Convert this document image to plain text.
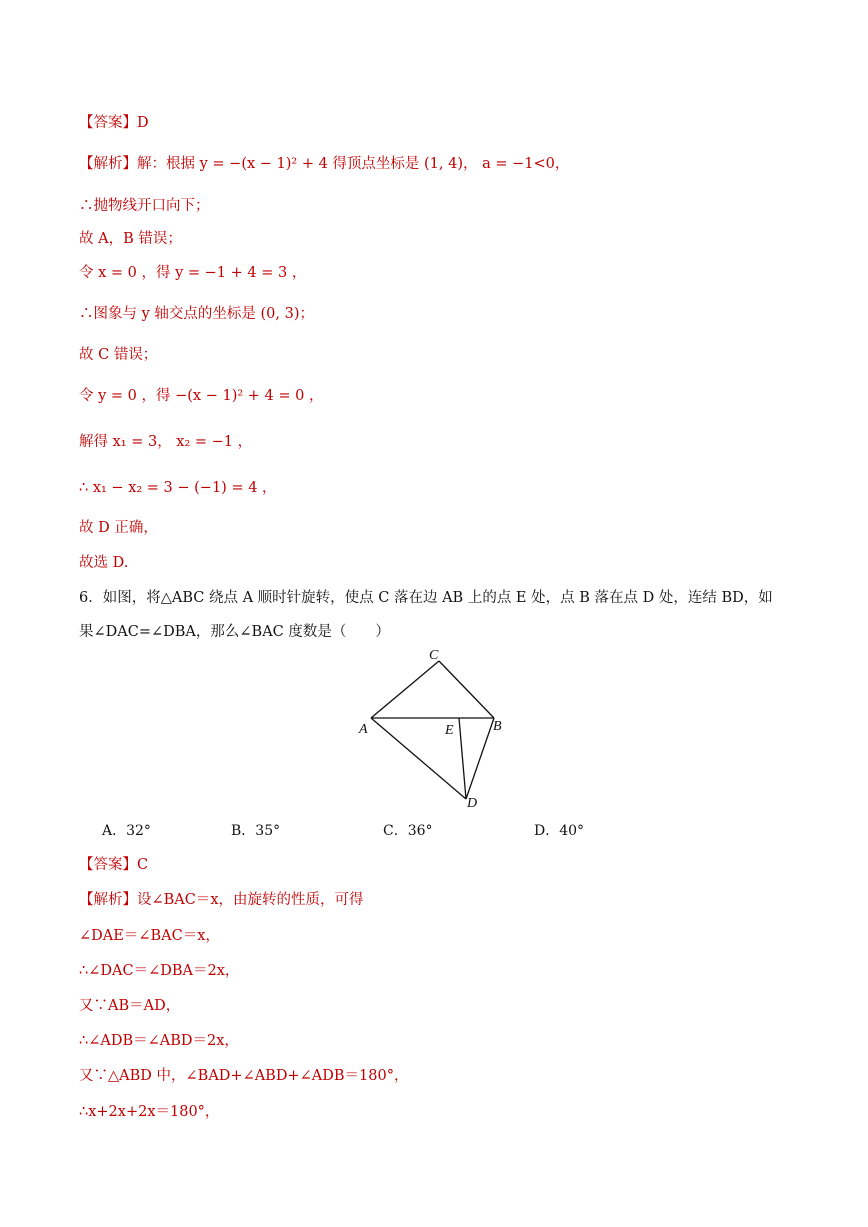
【答案】D
【解析】解：根据 y = −(x − 1)² + 4 得顶点坐标是 (1, 4)， a = −1<0，
∴抛物线开口向下；
故 A，B 错误；
令 x = 0 ，得 y = −1 + 4 = 3 ，
∴图象与 y 轴交点的坐标是 (0, 3)；
故 C 错误；
令 y = 0 ，得 −(x − 1)² + 4 = 0 ，
解得 x₁ = 3， x₂ = −1 ，
∴ x₁ − x₂ = 3 − (−1) = 4 ，
故 D 正确，
故选 D.
6．如图，将△ABC 绕点 A 顺时针旋转，使点 C 落在边 AB 上的点 E 处，点 B 落在点 D 处，连结 BD，如
果∠DAC=∠DBA，那么∠BAC 度数是（　　）
C
A	E	B
D
A．32°	B．35°	C．36°	D．40°
【答案】C
【解析】设∠BAC＝x，由旋转的性质，可得
∠DAE＝∠BAC＝x，
∴∠DAC＝∠DBA＝2x，
又∵AB＝AD，
∴∠ADB＝∠ABD＝2x，
又∵△ABD 中，∠BAD+∠ABD+∠ADB＝180°，
∴x+2x+2x＝180°，
